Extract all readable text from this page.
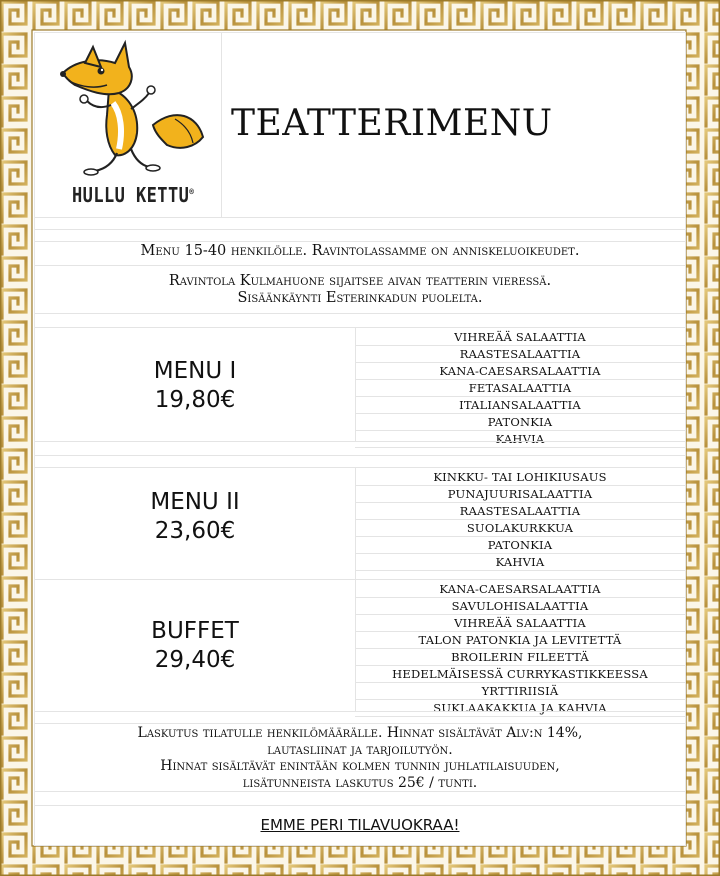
HULLU KETTU®
TEATTERIMENU
Menu 15-40 henkilölle. Ravintolassamme on anniskeluoikeudet.
Ravintola Kulmahuone sijaitsee aivan teatterin vieressä.
Sisäänkäynti Esterinkadun puolelta.
MENU I
19,80€
VIHREÄÄ SALAATTIA
RAASTESALAATTIA
KANA-CAESARSALAATTIA
FETASALAATTIA
ITALIANSALAATTIA
PATONKIA
KAHVIA
MENU II
23,60€
KINKKU- TAI LOHIKIUSAUS
PUNAJUURISALAATTIA
RAASTESALAATTIA
SUOLAKURKKUA
PATONKIA
KAHVIA
BUFFET
29,40€
KANA-CAESARSALAATTIA
SAVULOHISALAATTIA
VIHREÄÄ SALAATTIA
TALON PATONKIA JA LEVITETTÄ
BROILERIN FILEETTÄ
HEDELMÄISESSÄ CURRYKASTIKKEESSA
YRTTIRIISIÄ
SUKLAAKAKKUA JA KAHVIA
Laskutus tilatulle henkilömäärälle. Hinnat sisältävät Alv:n 14%,
lautasliinat ja tarjoilutyön.
Hinnat sisältävät enintään kolmen tunnin juhlatilaisuuden,
lisätunneista laskutus 25€ / tunti.
EMME PERI TILAVUOKRAA!
